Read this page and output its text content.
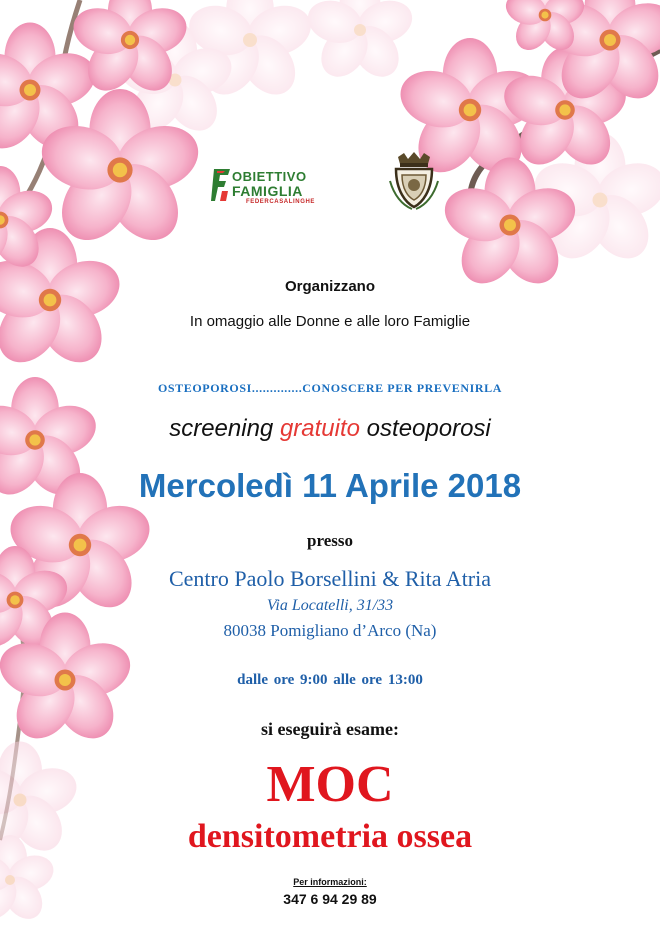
OBIETTIVO
FAMIGLIA
FEDERCASALINGHE
Organizzano
In omaggio alle Donne e alle loro Famiglie
OSTEOPOROSI..............CONOSCERE PER PREVENIRLA
screening gratuito osteoporosi
Mercoledì 11 Aprile 2018
presso
Centro Paolo Borsellini & Rita Atria
Via Locatelli, 31/33
80038 Pomigliano d’Arco (Na)
dalle ore 9:00 alle ore 13:00
si eseguirà esame:
MOC
densitometria ossea
Per informazioni:
347 6 94 29 89
